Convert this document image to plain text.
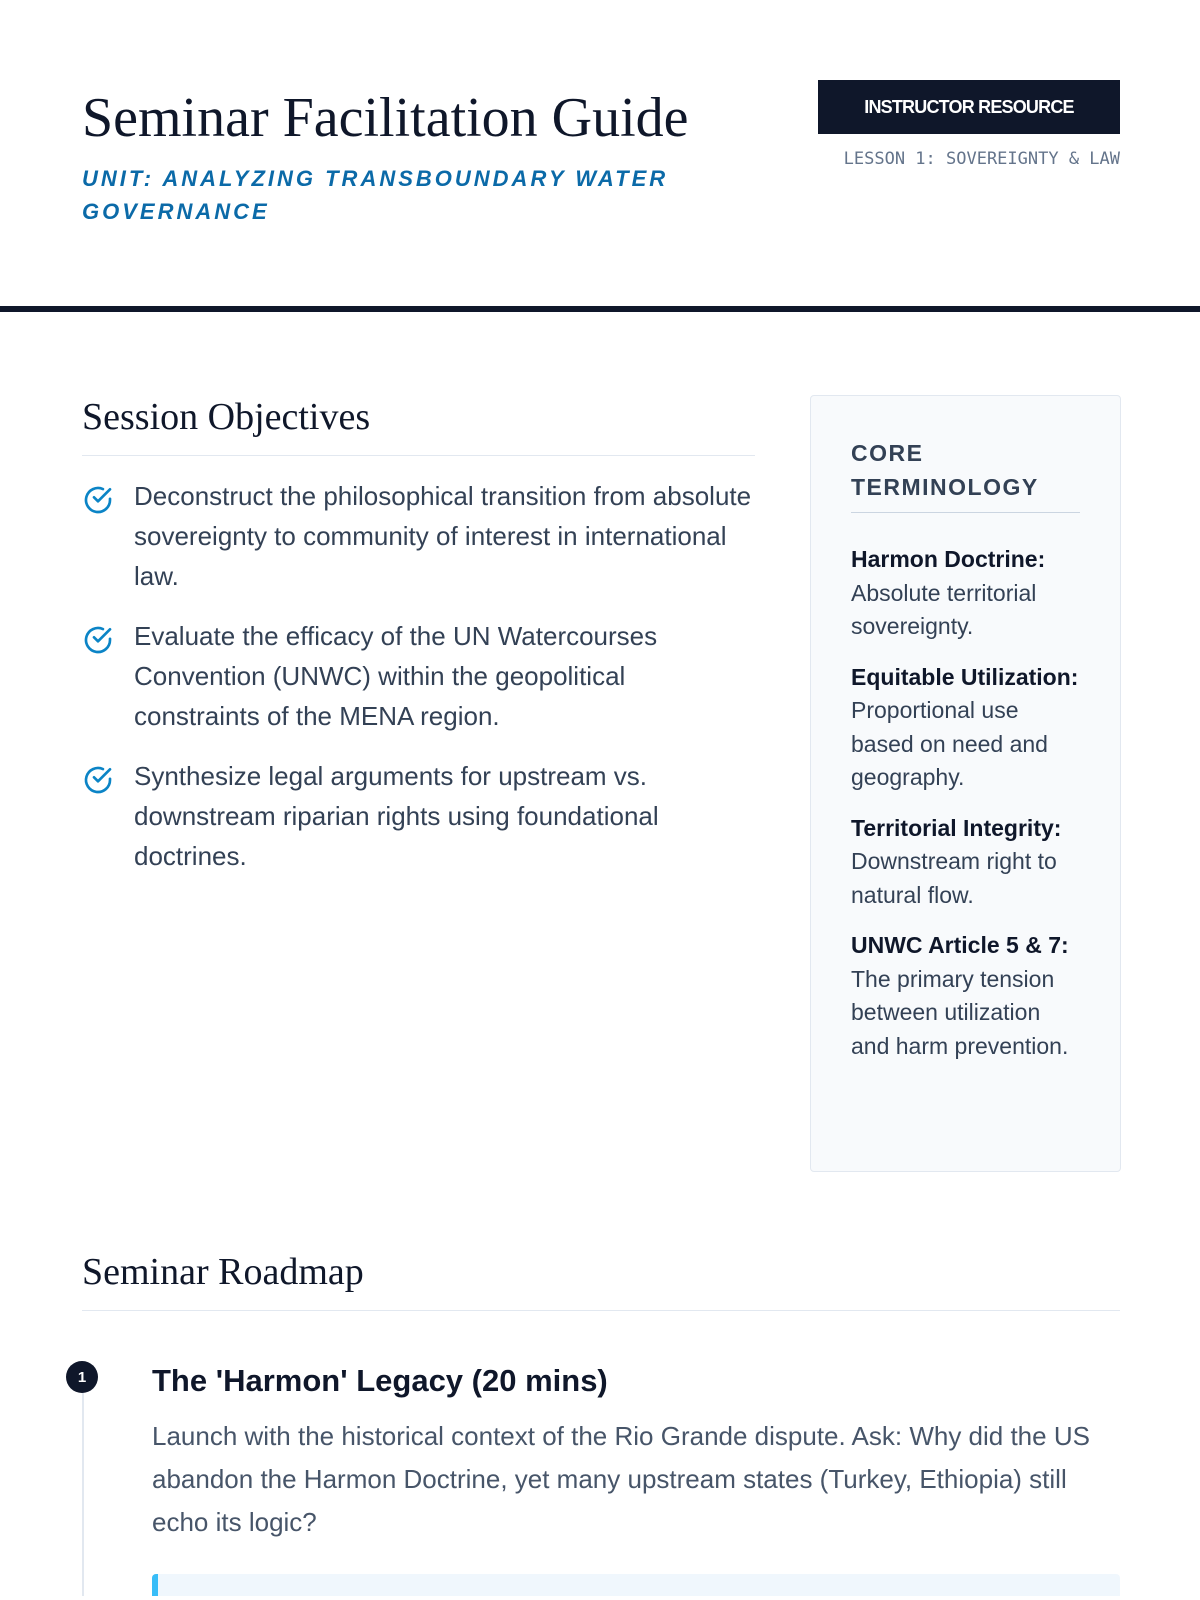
Seminar Facilitation Guide
UNIT: ANALYZING TRANSBOUNDARY WATER GOVERNANCE
INSTRUCTOR RESOURCE
LESSON 1: SOVEREIGNTY & LAW
Session Objectives
Deconstruct the philosophical transition from absolute sovereignty to community of interest in international law.
Evaluate the efficacy of the UN Watercourses Convention (UNWC) within the geopolitical constraints of the MENA region.
Synthesize legal arguments for upstream vs. downstream riparian rights using foundational doctrines.
CORE TERMINOLOGY
Harmon Doctrine:
Absolute territorial sovereignty.
Equitable Utilization:
Proportional use based on need and geography.
Territorial Integrity:
Downstream right to natural flow.
UNWC Article 5 & 7:
The primary tension between utilization and harm prevention.
Seminar Roadmap
1	The 'Harmon' Legacy (20 mins)

Launch with the historical context of the Rio Grande dispute. Ask: Why did the US abandon the Harmon Doctrine, yet many upstream states (Turkey, Ethiopia) still echo its logic?
